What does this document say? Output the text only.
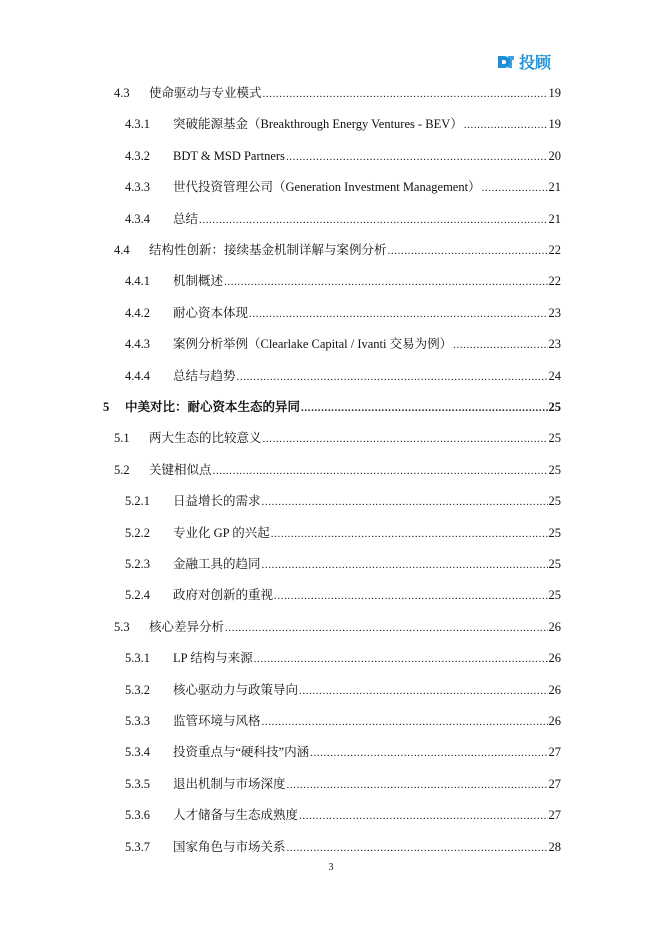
投顾
4.3	使命驱动与专业模式 .....	19
4.3.1	突破能源基金（Breakthrough Energy Ventures - BEV） .....	19
4.3.2	BDT & MSD Partners .....	20
4.3.3	世代投资管理公司（Generation Investment Management） .....	21
4.3.4	总结 .....	21
4.4	结构性创新：接续基金机制详解与案例分析 .....	22
4.4.1	机制概述 .....	22
4.4.2	耐心资本体现 .....	23
4.4.3	案例分析举例（Clearlake Capital / Ivanti 交易为例） .....	23
4.4.4	总结与趋势 .....	24
5	中美对比：耐心资本生态的异同 .....	25
5.1	两大生态的比较意义 .....	25
5.2	关键相似点 .....	25
5.2.1	日益增长的需求 .....	25
5.2.2	专业化 GP 的兴起 .....	25
5.2.3	金融工具的趋同 .....	25
5.2.4	政府对创新的重视 .....	25
5.3	核心差异分析 .....	26
5.3.1	LP 结构与来源 .....	26
5.3.2	核心驱动力与政策导向 .....	26
5.3.3	监管环境与风格 .....	26
5.3.4	投资重点与“硬科技”内涵 .....	27
5.3.5	退出机制与市场深度 .....	27
5.3.6	人才储备与生态成熟度 .....	27
5.3.7	国家角色与市场关系 .....	28
3
